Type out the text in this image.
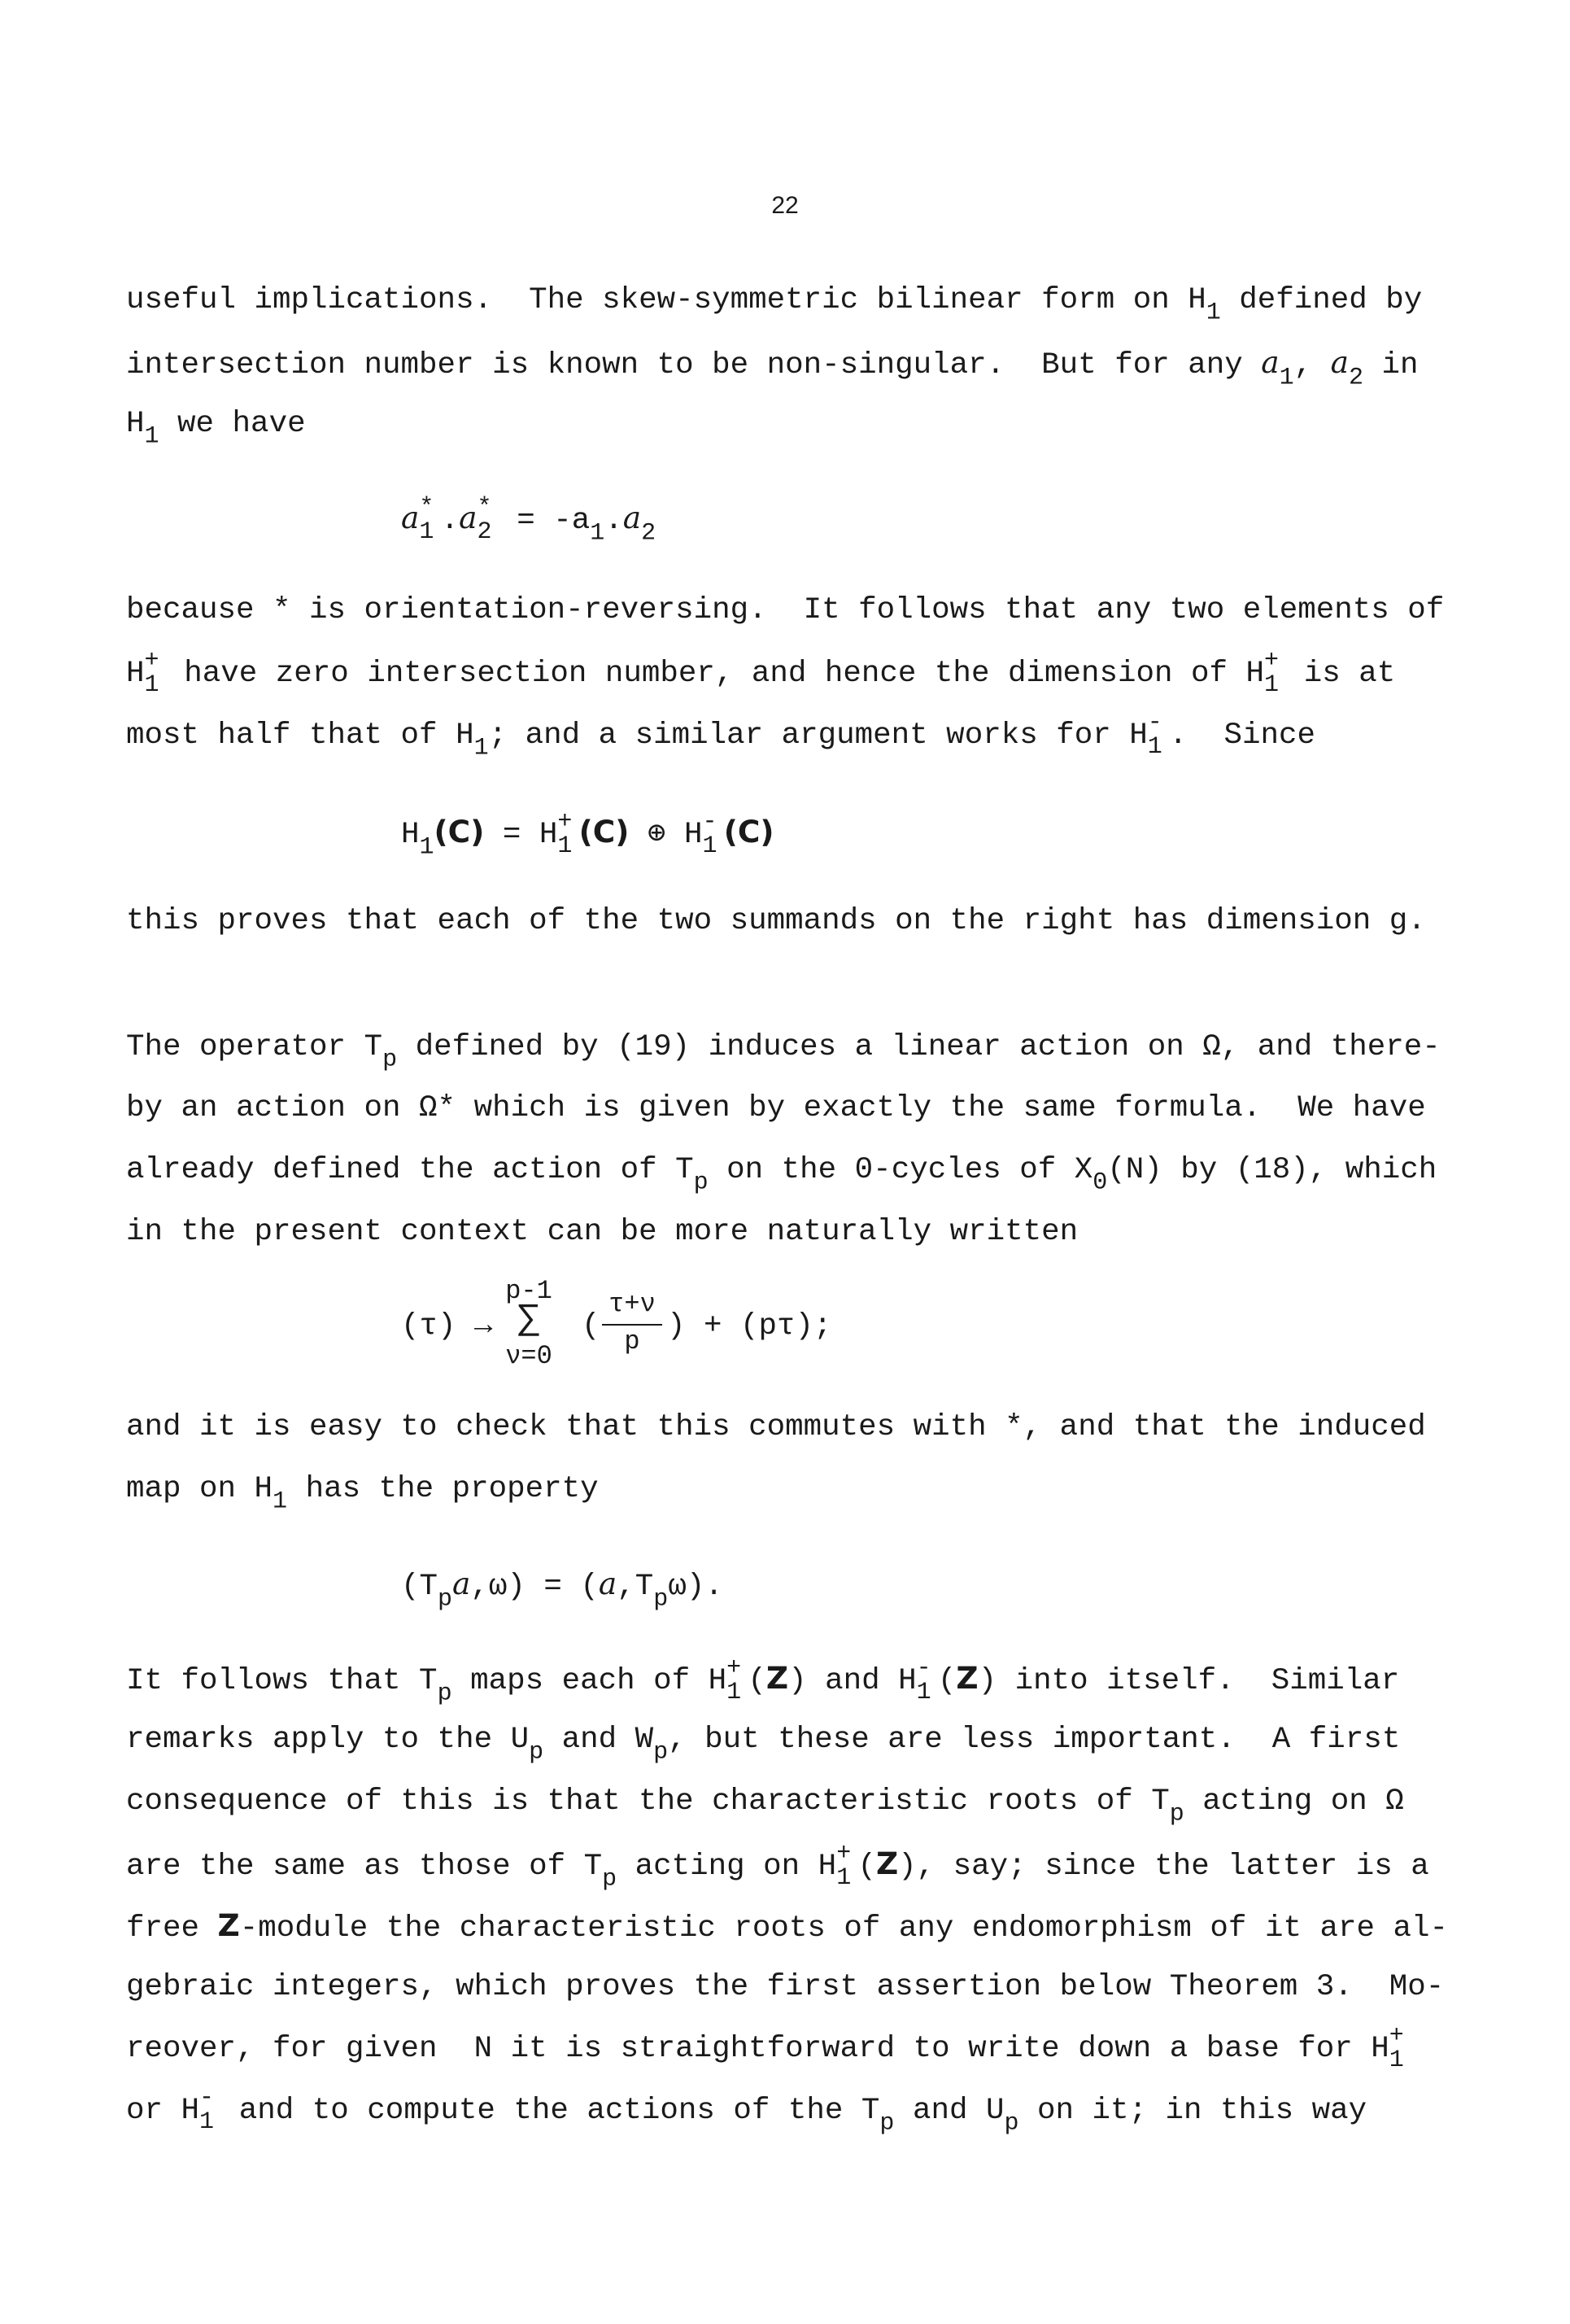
22
useful implications.  The skew-symmetric bilinear form on $H_1$ defined by
intersection number is known to be non-singular.  But for any $a_1$, $a_2$ in
$H_1$ we have
a *
1 .a *
$2 = -a_1.a_2$
because * is orientation-reversing.  It follows that any two elements of
H +
1 have zero intersection number, and hence the dimension of H +
1 is at
most half that of $H_1$; and a similar argument works for H -
1 .  Since
$H_1(C) = H$ +
1 (C) ⊕ H -
1 (C)
this proves that each of the two summands on the right has dimension g.
The operator $T_p$ defined by (19) induces a linear action on Ω, and there-
by an action on Ω* which is given by exactly the same formula.  We have
already defined the action of $T_p$ on the 0-cycles of $X_0(N)$ by (18), which
in the present context can be more naturally written
(τ) →
p-1
∑
ν=0
(
τ+ν
p ) + (pτ);
and it is easy to check that this commutes with *, and that the induced
map on $H_1$ has the property
$(T_pa,\omega) = (a,T_p\omega)$.
It follows that $T_p$ maps each of H +
1 (Z) and H -
1 (Z) into itself.  Similar
remarks apply to the $U_p$ and $W_p$, but these are less important.  A first
consequence of this is that the characteristic roots of $T_p$ acting on Ω
are the same as those of $T_p$ acting on H +
1 (Z), say; since the latter is a
free Z-module the characteristic roots of any endomorphism of it are al-
gebraic integers, which proves the first assertion below Theorem 3.  Mo-
reover, for given  N it is straightforward to write down a base for H +
1
or H -
1 and to compute the actions of the $T_p$ and $U_p$ on it; in this way
